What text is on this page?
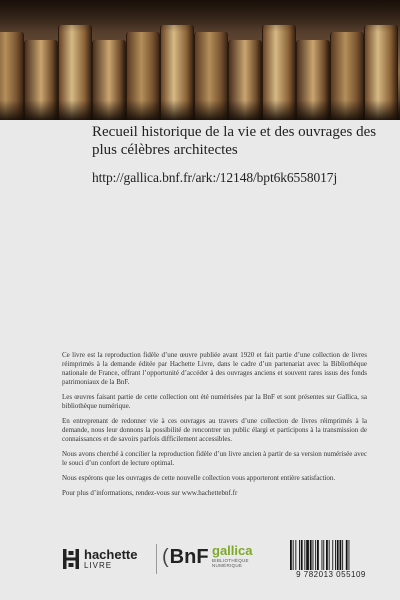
Recueil historique de la vie et des ouvrages des plus célèbres architectes
http://gallica.bnf.fr/ark:/12148/bpt6k6558017j

Ce livre est la reproduction fidèle d’une œuvre publiée avant 1920 et fait partie d’une collection de livres réimprimés à la demande éditée par Hachette Livre, dans le cadre d’un partenariat avec la Bibliothèque nationale de France, offrant l’opportunité d’accéder à des ouvrages anciens et souvent rares issus des fonds patrimoniaux de la BnF.

Les œuvres faisant partie de cette collection ont été numérisées par la BnF et sont présentes sur Gallica, sa bibliothèque numérique.

En entreprenant de redonner vie à ces ouvrages au travers d’une collection de livres réimprimés à la demande, nous leur donnons la possibilité de rencontrer un public élargi et participons à la transmission de connaissances et de savoirs parfois difficilement accessibles.

Nous avons cherché à concilier la reproduction fidèle d’un livre ancien à partir de sa version numérisée avec le souci d’un confort de lecture optimal.

Nous espérons que les ouvrages de cette nouvelle collection vous apporteront entière satisfaction.

Pour plus d’informations, rendez-vous sur www.hachettebnf.fr

hachette
LIVRE	( BnF gallica
BIBLIOTHÈQUE
NUMÉRIQUE
9 782013 055109
